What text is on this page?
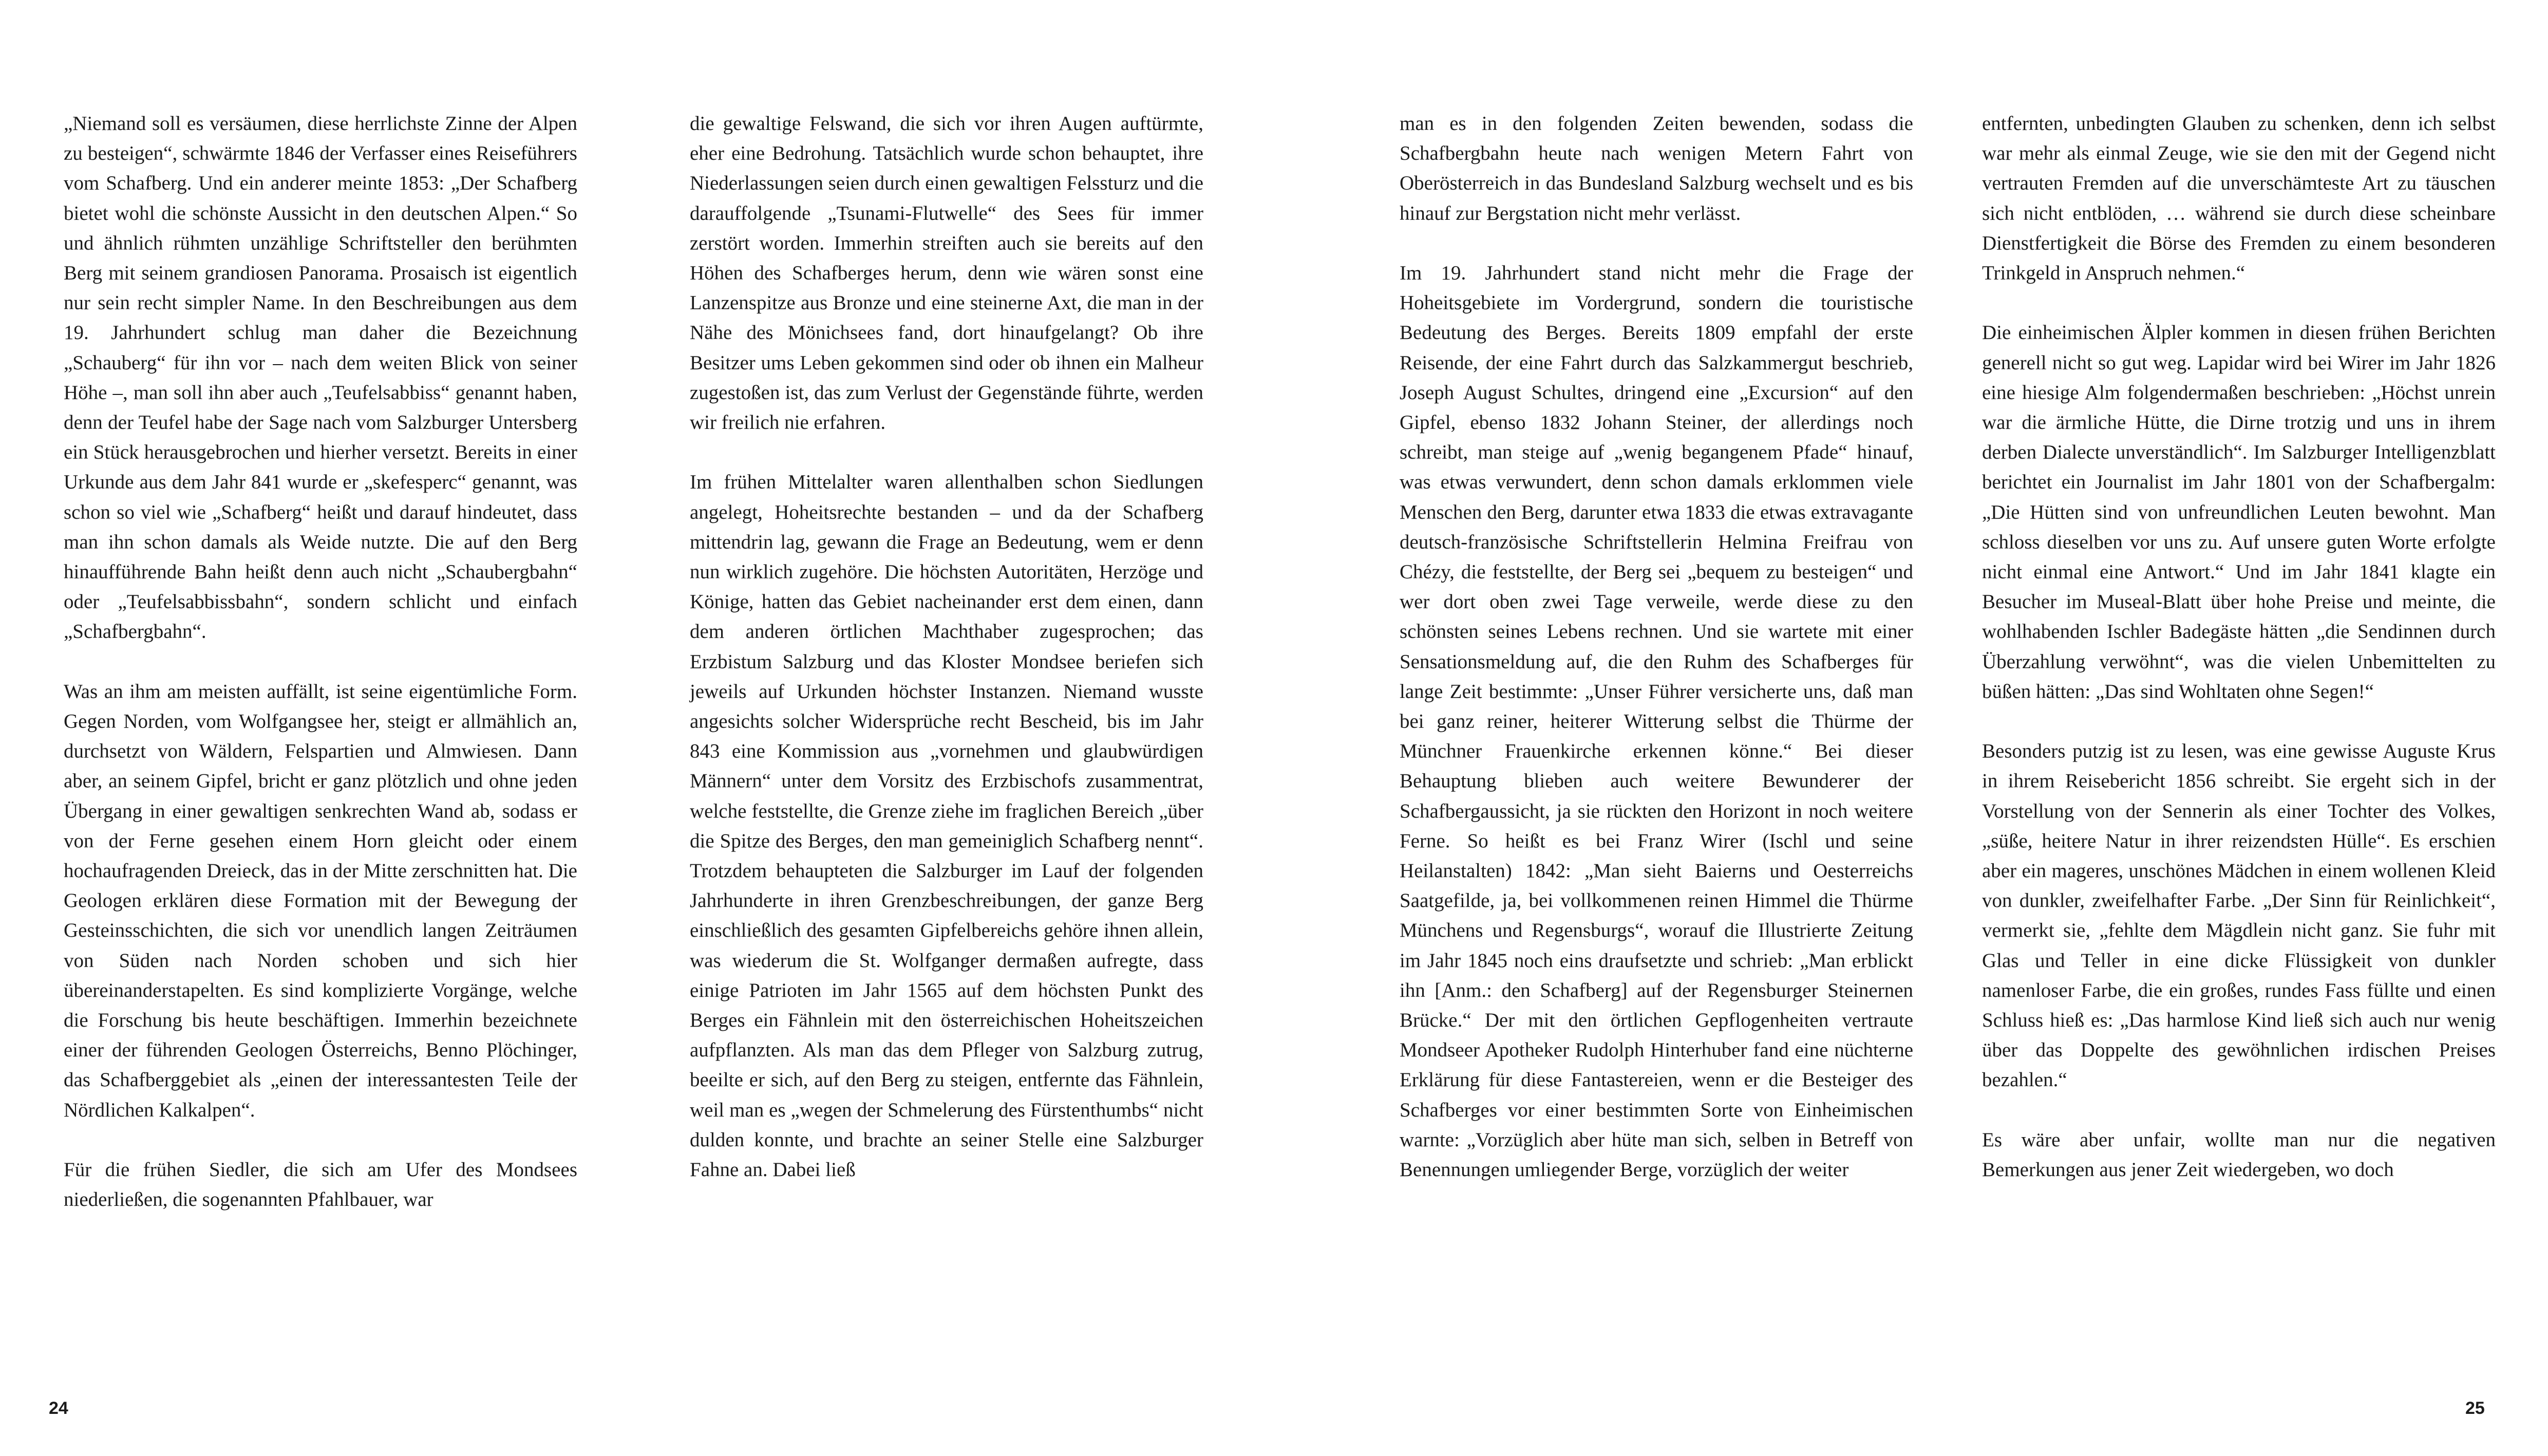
„Niemand soll es versäumen, diese herrlichste Zinne der Alpen zu besteigen“, schwärmte 1846 der Verfasser eines Reiseführers vom Schafberg. Und ein anderer meinte 1853: „Der Schafberg bietet wohl die schönste Aussicht in den deutschen Alpen.“ So und ähnlich rühmten unzählige Schriftsteller den berühmten Berg mit seinem grandiosen Panorama. Prosaisch ist eigentlich nur sein recht simpler Name. In den Beschreibungen aus dem 19. Jahrhundert schlug man daher die Bezeichnung „Schauberg“ für ihn vor – nach dem weiten Blick von seiner Höhe –, man soll ihn aber auch „Teufelsabbiss“ genannt haben, denn der Teufel habe der Sage nach vom Salzburger Untersberg ein Stück herausgebrochen und hierher versetzt. Bereits in einer Urkunde aus dem Jahr 841 wurde er „skefesperc“ genannt, was schon so viel wie „Schafberg“ heißt und darauf hindeutet, dass man ihn schon damals als Weide nutzte. Die auf den Berg hinaufführende Bahn heißt denn auch nicht „Schaubergbahn“ oder „Teufelsabbissbahn“, sondern schlicht und einfach „Schafbergbahn“.

Was an ihm am meisten auffällt, ist seine eigentümliche Form. Gegen Norden, vom Wolfgangsee her, steigt er allmählich an, durchsetzt von Wäldern, Felspartien und Almwiesen. Dann aber, an seinem Gipfel, bricht er ganz plötzlich und ohne jeden Übergang in einer gewaltigen senkrechten Wand ab, sodass er von der Ferne gesehen einem Horn gleicht oder einem hochaufragenden Dreieck, das in der Mitte zerschnitten hat. Die Geologen erklären diese Formation mit der Bewegung der Gesteinsschichten, die sich vor unendlich langen Zeiträumen von Süden nach Norden schoben und sich hier übereinanderstapelten. Es sind komplizierte Vorgänge, welche die Forschung bis heute beschäftigen. Immerhin bezeichnete einer der führenden Geologen Österreichs, Benno Plöchinger, das Schafberggebiet als „einen der interessantesten Teile der Nördlichen Kalkalpen“.

Für die frühen Siedler, die sich am Ufer des Mondsees niederließen, die sogenannten Pfahlbauer, war

die gewaltige Felswand, die sich vor ihren Augen auftürmte, eher eine Bedrohung. Tatsächlich wurde schon behauptet, ihre Niederlassungen seien durch einen gewaltigen Felssturz und die darauffolgende „Tsunami-Flutwelle“ des Sees für immer zerstört worden. Immerhin streiften auch sie bereits auf den Höhen des Schafberges herum, denn wie wären sonst eine Lanzenspitze aus Bronze und eine steinerne Axt, die man in der Nähe des Mönichsees fand, dort hinaufgelangt? Ob ihre Besitzer ums Leben gekommen sind oder ob ihnen ein Malheur zugestoßen ist, das zum Verlust der Gegenstände führte, werden wir freilich nie erfahren.

Im frühen Mittelalter waren allenthalben schon Siedlungen angelegt, Hoheitsrechte bestanden – und da der Schafberg mittendrin lag, gewann die Frage an Bedeutung, wem er denn nun wirklich zugehöre. Die höchsten Autoritäten, Herzöge und Könige, hatten das Gebiet nacheinander erst dem einen, dann dem anderen örtlichen Machthaber zugesprochen; das Erzbistum Salzburg und das Kloster Mondsee beriefen sich jeweils auf Urkunden höchster Instanzen. Niemand wusste angesichts solcher Widersprüche recht Bescheid, bis im Jahr 843 eine Kommission aus „vornehmen und glaubwürdigen Männern“ unter dem Vorsitz des Erzbischofs zusammentrat, welche feststellte, die Grenze ziehe im fraglichen Bereich „über die Spitze des Berges, den man gemeiniglich Schafberg nennt“. Trotzdem behaupteten die Salzburger im Lauf der folgenden Jahrhunderte in ihren Grenzbeschreibungen, der ganze Berg einschließlich des gesamten Gipfelbereichs gehöre ihnen allein, was wiederum die St. Wolfganger dermaßen aufregte, dass einige Patrioten im Jahr 1565 auf dem höchsten Punkt des Berges ein Fähnlein mit den österreichischen Hoheitszeichen aufpflanzten. Als man das dem Pfleger von Salzburg zutrug, beeilte er sich, auf den Berg zu steigen, entfernte das Fähnlein, weil man es „wegen der Schmelerung des Fürstenthumbs“ nicht dulden konnte, und brachte an seiner Stelle eine Salzburger Fahne an. Dabei ließ

24

man es in den folgenden Zeiten bewenden, sodass die Schafbergbahn heute nach wenigen Metern Fahrt von Oberösterreich in das Bundesland Salzburg wechselt und es bis hinauf zur Bergstation nicht mehr verlässt.

Im 19. Jahrhundert stand nicht mehr die Frage der Hoheitsgebiete im Vordergrund, sondern die touristische Bedeutung des Berges. Bereits 1809 empfahl der erste Reisende, der eine Fahrt durch das Salzkammergut beschrieb, Joseph August Schultes, dringend eine „Excursion“ auf den Gipfel, ebenso 1832 Johann Steiner, der allerdings noch schreibt, man steige auf „wenig begangenem Pfade“ hinauf, was etwas verwundert, denn schon damals erklommen viele Menschen den Berg, darunter etwa 1833 die etwas extravagante deutsch-französische Schriftstellerin Helmina Freifrau von Chézy, die feststellte, der Berg sei „bequem zu besteigen“ und wer dort oben zwei Tage verweile, werde diese zu den schönsten seines Lebens rechnen. Und sie wartete mit einer Sensationsmeldung auf, die den Ruhm des Schafberges für lange Zeit bestimmte: „Unser Führer versicherte uns, daß man bei ganz reiner, heiterer Witterung selbst die Thürme der Münchner Frauenkirche erkennen könne.“ Bei dieser Behauptung blieben auch weitere Bewunderer der Schafbergaussicht, ja sie rückten den Horizont in noch weitere Ferne. So heißt es bei Franz Wirer (Ischl und seine Heilanstalten) 1842: „Man sieht Baierns und Oesterreichs Saatgefilde, ja, bei vollkommenen reinen Himmel die Thürme Münchens und Regensburgs“, worauf die Illustrierte Zeitung im Jahr 1845 noch eins draufsetzte und schrieb: „Man erblickt ihn [Anm.: den Schafberg] auf der Regensburger Steinernen Brücke.“ Der mit den örtlichen Gepflogenheiten vertraute Mondseer Apotheker Rudolph Hinterhuber fand eine nüchterne Erklärung für diese Fantastereien, wenn er die Besteiger des Schafberges vor einer bestimmten Sorte von Einheimischen warnte: „Vorzüglich aber hüte man sich, selben in Betreff von Benennungen umliegender Berge, vorzüglich der weiter

entfernten, unbedingten Glauben zu schenken, denn ich selbst war mehr als einmal Zeuge, wie sie den mit der Gegend nicht vertrauten Fremden auf die unverschämteste Art zu täuschen sich nicht entblöden, … während sie durch diese scheinbare Dienstfertigkeit die Börse des Fremden zu einem besonderen Trinkgeld in Anspruch nehmen.“

Die einheimischen Älpler kommen in diesen frühen Berichten generell nicht so gut weg. Lapidar wird bei Wirer im Jahr 1826 eine hiesige Alm folgendermaßen beschrieben: „Höchst unrein war die ärmliche Hütte, die Dirne trotzig und uns in ihrem derben Dialecte unverständlich“. Im Salzburger Intelligenzblatt berichtet ein Journalist im Jahr 1801 von der Schafbergalm: „Die Hütten sind von unfreundlichen Leuten bewohnt. Man schloss dieselben vor uns zu. Auf unsere guten Worte erfolgte nicht einmal eine Antwort.“ Und im Jahr 1841 klagte ein Besucher im Museal-Blatt über hohe Preise und meinte, die wohlhabenden Ischler Badegäste hätten „die Sendinnen durch Überzahlung verwöhnt“, was die vielen Unbemittelten zu büßen hätten: „Das sind Wohltaten ohne Segen!“

Besonders putzig ist zu lesen, was eine gewisse Auguste Krus in ihrem Reisebericht 1856 schreibt. Sie ergeht sich in der Vorstellung von der Sennerin als einer Tochter des Volkes, „süße, heitere Natur in ihrer reizendsten Hülle“. Es erschien aber ein mageres, unschönes Mädchen in einem wollenen Kleid von dunkler, zweifelhafter Farbe. „Der Sinn für Reinlichkeit“, vermerkt sie, „fehlte dem Mägdlein nicht ganz. Sie fuhr mit Glas und Teller in eine dicke Flüssigkeit von dunkler namenloser Farbe, die ein großes, rundes Fass füllte und einen Schluss hieß es: „Das harmlose Kind ließ sich auch nur wenig über das Doppelte des gewöhnlichen irdischen Preises bezahlen.“

Es wäre aber unfair, wollte man nur die negativen Bemerkungen aus jener Zeit wiedergeben, wo doch

25
